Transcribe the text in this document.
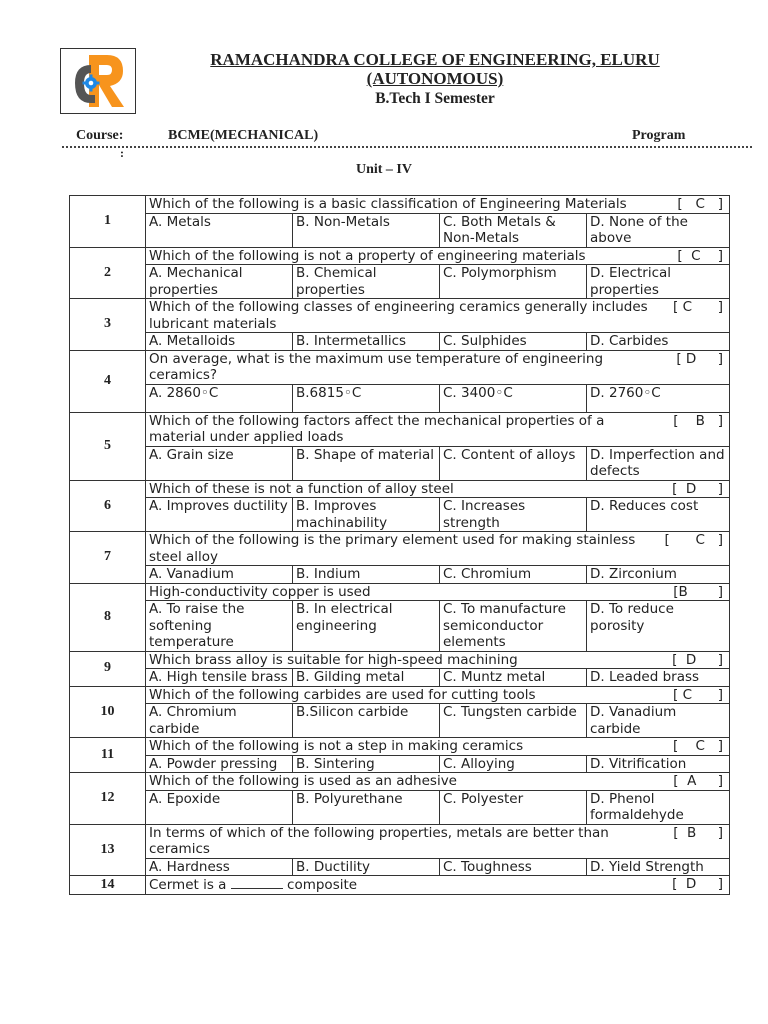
RAMACHANDRA COLLEGE OF ENGINEERING, ELURU
(AUTONOMOUS)
B.Tech I Semester
Course:
:
BCME(MECHANICAL)	Program
Unit – IV
1	Which of the following is a basic classification of Engineering Materials				[   C   ]
	A. Metals	B. Non-Metals	C. Both Metals & Non-Metals	D. None of the above	
2	Which of the following is not a property of engineering materials				[  C    ]
	A. Mechanical properties	B. Chemical properties	C. Polymorphism	D. Electrical properties	
3	Which of the following classes of engineering ceramics generally includes lubricant materials				[ C      ]
	A. Metalloids	B. Intermetallics	C. Sulphides	D. Carbides	
4	On average, what is the maximum use temperature of engineering ceramics?				[ D     ]
	A. 2860◦C	B.6815◦C	C. 3400◦C	D. 2760◦C	
5	Which of the following factors affect the mechanical properties of a material under applied loads				[    B   ]
	A. Grain size	B. Shape of material	C. Content of alloys	D. Imperfection and defects	
6	Which of these is not a function of alloy steel				[  D     ]
	A. Improves ductility	B. Improves machinability	C. Increases strength	D. Reduces cost	
7	Which of the following is the primary element used for making stainless steel alloy				[      C   ]
	A. Vanadium	B. Indium	C. Chromium	D. Zirconium	
8	High-conductivity copper is used				[B       ]
	A. To raise the softening temperature	B. In electrical engineering	C. To manufacture semiconductor elements	D. To reduce porosity	
9	Which brass alloy is suitable for high-speed machining				[  D     ]
	A. High tensile brass	B. Gilding metal	C. Muntz metal	D. Leaded brass	
10	Which of the following carbides are used for cutting tools				[ C      ]
	A. Chromium carbide	B.Silicon carbide	C. Tungsten carbide	D. Vanadium carbide	
11	Which of the following is not a step in making ceramics				[    C   ]
	A. Powder pressing	B. Sintering	C. Alloying	D. Vitrification	
12	Which of the following is used as an adhesive				[  A     ]
	A. Epoxide	B. Polyurethane	C. Polyester	D. Phenol formaldehyde	
13	In terms of which of the following properties, metals are better than ceramics				[  B     ]
	A. Hardness	B. Ductility	C. Toughness	D. Yield Strength	
14	Cermet is a composite				[  D     ]
